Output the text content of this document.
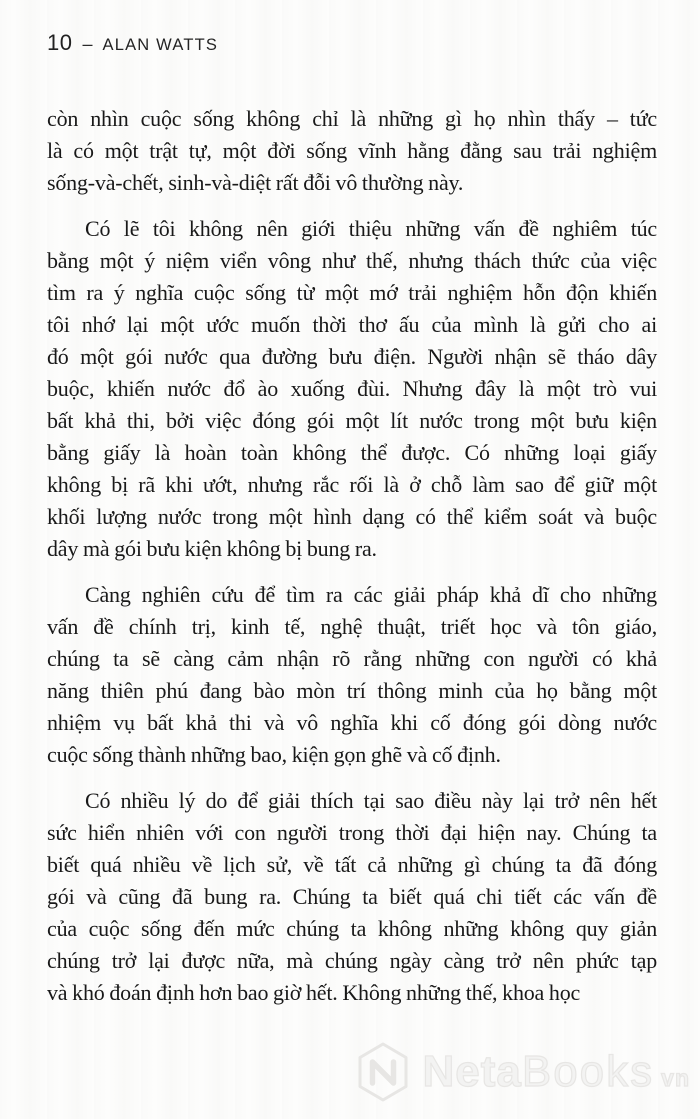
10 – ALAN WATTS
còn nhìn cuộc sống không chỉ là những gì họ nhìn thấy – tức
là có một trật tự, một đời sống vĩnh hằng đằng sau trải nghiệm
sống-và-chết, sinh-và-diệt rất đỗi vô thường này.
Có lẽ tôi không nên giới thiệu những vấn đề nghiêm túc
bằng một ý niệm viển vông như thế, nhưng thách thức của việc
tìm ra ý nghĩa cuộc sống từ một mớ trải nghiệm hỗn độn khiến
tôi nhớ lại một ước muốn thời thơ ấu của mình là gửi cho ai
đó một gói nước qua đường bưu điện. Người nhận sẽ tháo dây
buộc, khiến nước đổ ào xuống đùi. Nhưng đây là một trò vui
bất khả thi, bởi việc đóng gói một lít nước trong một bưu kiện
bằng giấy là hoàn toàn không thể được. Có những loại giấy
không bị rã khi ướt, nhưng rắc rối là ở chỗ làm sao để giữ một
khối lượng nước trong một hình dạng có thể kiểm soát và buộc
dây mà gói bưu kiện không bị bung ra.
Càng nghiên cứu để tìm ra các giải pháp khả dĩ cho những
vấn đề chính trị, kinh tế, nghệ thuật, triết học và tôn giáo,
chúng ta sẽ càng cảm nhận rõ rằng những con người có khả
năng thiên phú đang bào mòn trí thông minh của họ bằng một
nhiệm vụ bất khả thi và vô nghĩa khi cố đóng gói dòng nước
cuộc sống thành những bao, kiện gọn ghẽ và cố định.
Có nhiều lý do để giải thích tại sao điều này lại trở nên hết
sức hiển nhiên với con người trong thời đại hiện nay. Chúng ta
biết quá nhiều về lịch sử, về tất cả những gì chúng ta đã đóng
gói và cũng đã bung ra. Chúng ta biết quá chi tiết các vấn đề
của cuộc sống đến mức chúng ta không những không quy giản
chúng trở lại được nữa, mà chúng ngày càng trở nên phức tạp
và khó đoán định hơn bao giờ hết. Không những thế, khoa học
Neta Books vn
